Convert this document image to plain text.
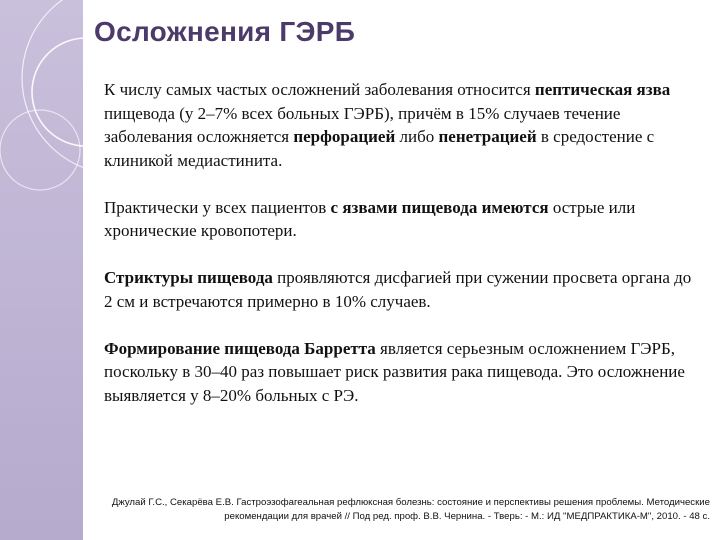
Осложнения ГЭРБ

К числу самых частых осложнений заболевания относится пептическая язва пищевода (у 2–7% всех больных ГЭРБ), причём в 15% случаев течение заболевания осложняется перфорацией либо пенетрацией в средостение с клиникой медиастинита.

Практически у всех пациентов с язвами пищевода имеются острые или хронические кровопотери.

Стриктуры пищевода проявляются дисфагией при сужении просвета органа до 2 см и встречаются примерно в 10% случаев.

Формирование пищевода Барретта является серьезным осложнением ГЭРБ, поскольку в 30–40 раз повышает риск развития рака пищевода. Это осложнение выявляется у 8–20% больных с РЭ.

Джулай Г.С., Секарёва Е.В. Гастроэзофагеальная рефлюксная болезнь: состояние и перспективы решения проблемы. Методические
рекомендации для врачей // Под ред. проф. В.В. Чернина. - Тверь: - М.: ИД "МЕДПРАКТИКА-М", 2010. - 48 с.
